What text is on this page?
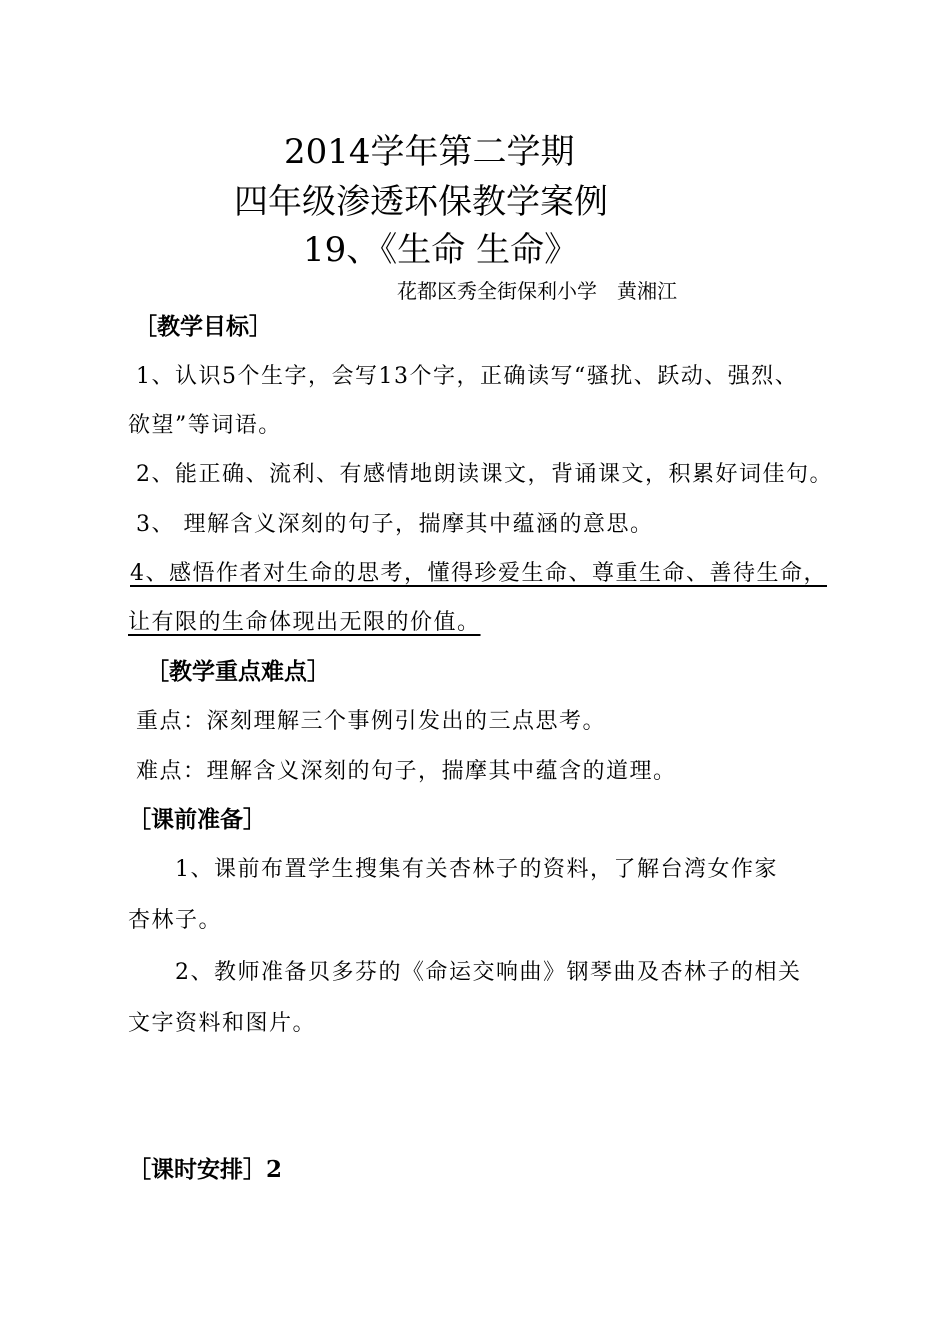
2014学年第二学期
四年级渗透环保教学案例
19、《生命 生命》
花都区秀全街保利小学　黄湘江
［教学目标］
1、认识5个生字，会写13个字，正确读写“骚扰、跃动、强烈、
欲望”等词语。
2、能正确、流利、有感情地朗读课文，背诵课文，积累好词佳句。
3、 理解含义深刻的句子，揣摩其中蕴涵的意思。
4、感悟作者对生命的思考，懂得珍爱生命、尊重生命、善待生命，
让有限的生命体现出无限的价值。
［教学重点难点］
重点：深刻理解三个事例引发出的三点思考。
难点：理解含义深刻的句子，揣摩其中蕴含的道理。
［课前准备］
1、课前布置学生搜集有关杏林子的资料，了解台湾女作家
杏林子。
2、教师准备贝多芬的《命运交响曲》钢琴曲及杏林子的相关
文字资料和图片。
［课时安排］2
